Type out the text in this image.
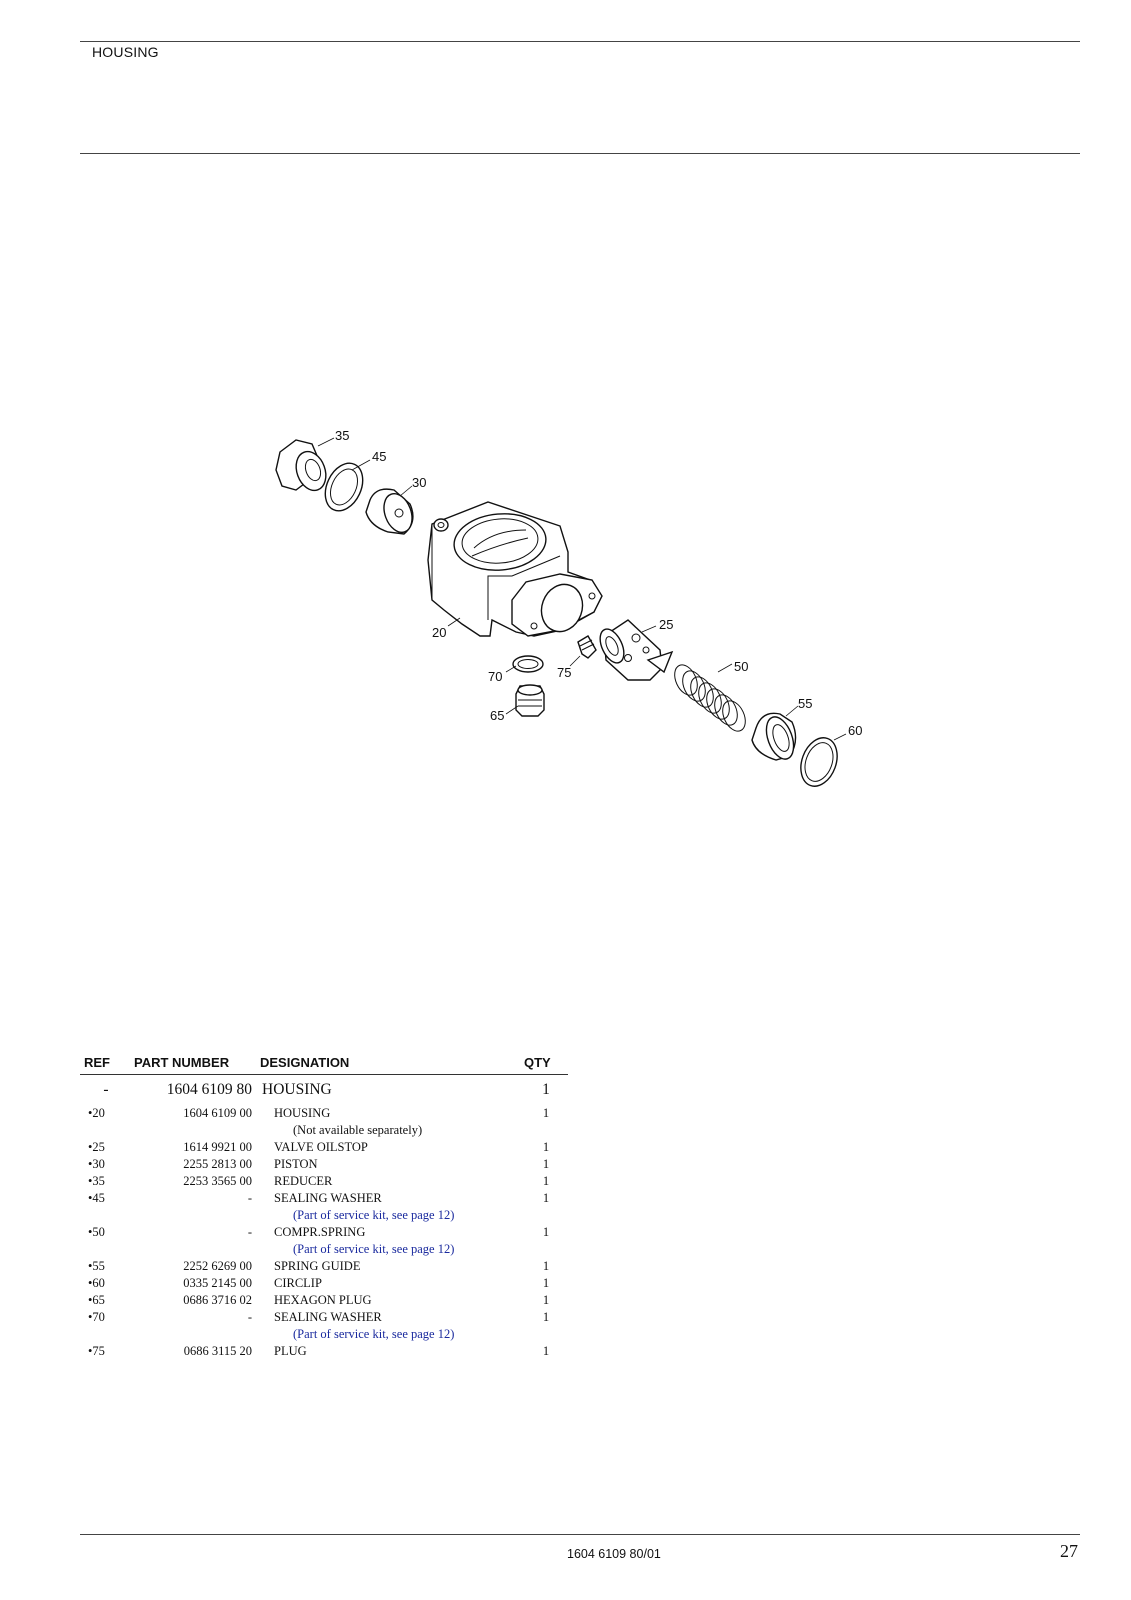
HOUSING
35
45
30
25
20
70	75	50
55
65
60
REF	PART NUMBER	DESIGNATION	QTY
-	1604 6109 80	HOUSING	1
•20	1604 6109 00	HOUSING	1
		(Not available separately)	
•25	1614 9921 00	VALVE OILSTOP	1
•30	2255 2813 00	PISTON	1
•35	2253 3565 00	REDUCER	1
•45	-	SEALING WASHER	1
		(Part of service kit, see page 12)	
•50	-	COMPR.SPRING	1
		(Part of service kit, see page 12)	
•55	2252 6269 00	SPRING GUIDE	1
•60	0335 2145 00	CIRCLIP	1
•65	0686 3716 02	HEXAGON PLUG	1
•70	-	SEALING WASHER	1
		(Part of service kit, see page 12)	
•75	0686 3115 20	PLUG	1
1604 6109 80/01	27
